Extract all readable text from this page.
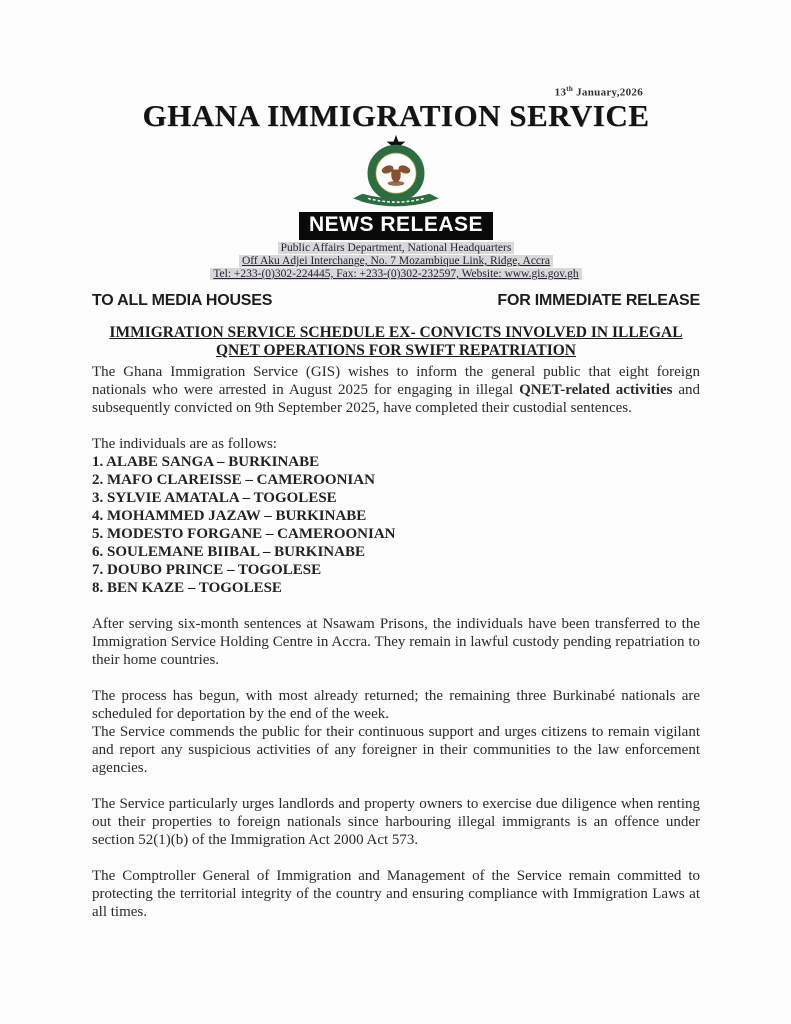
13th January,2026
GHANA IMMIGRATION SERVICE
NEWS RELEASE
Public Affairs Department, National Headquarters
Off Aku Adjei Interchange, No. 7 Mozambique Link, Ridge, Accra
Tel: +233-(0)302-224445, Fax: +233-(0)302-232597, Website: www.gis.gov.gh
TO ALL MEDIA HOUSES	FOR IMMEDIATE RELEASE
IMMIGRATION SERVICE SCHEDULE EX- CONVICTS INVOLVED IN ILLEGAL
QNET OPERATIONS FOR SWIFT REPATRIATION

The Ghana Immigration Service (GIS) wishes to inform the general public that eight foreign nationals who were arrested in August 2025 for engaging in illegal QNET-related activities and subsequently convicted on 9th September 2025, have completed their custodial sentences.

The individuals are as follows:
1. ALABE SANGA – BURKINABE
2. MAFO CLAREISSE – CAMEROONIAN
3. SYLVIE AMATALA – TOGOLESE
4. MOHAMMED JAZAW – BURKINABE
5. MODESTO FORGANE – CAMEROONIAN
6. SOULEMANE BIIBAL – BURKINABE
7. DOUBO PRINCE – TOGOLESE
8. BEN KAZE – TOGOLESE

After serving six-month sentences at Nsawam Prisons, the individuals have been transferred to the Immigration Service Holding Centre in Accra. They remain in lawful custody pending repatriation to their home countries.

The process has begun, with most already returned; the remaining three Burkinabé nationals are scheduled for deportation by the end of the week.

The Service commends the public for their continuous support and urges citizens to remain vigilant and report any suspicious activities of any foreigner in their communities to the law enforcement agencies.

The Service particularly urges landlords and property owners to exercise due diligence when renting out their properties to foreign nationals since harbouring illegal immigrants is an offence under section 52(1)(b) of the Immigration Act 2000 Act 573.

The Comptroller General of Immigration and Management of the Service remain committed to protecting the territorial integrity of the country and ensuring compliance with Immigration Laws at all times.
